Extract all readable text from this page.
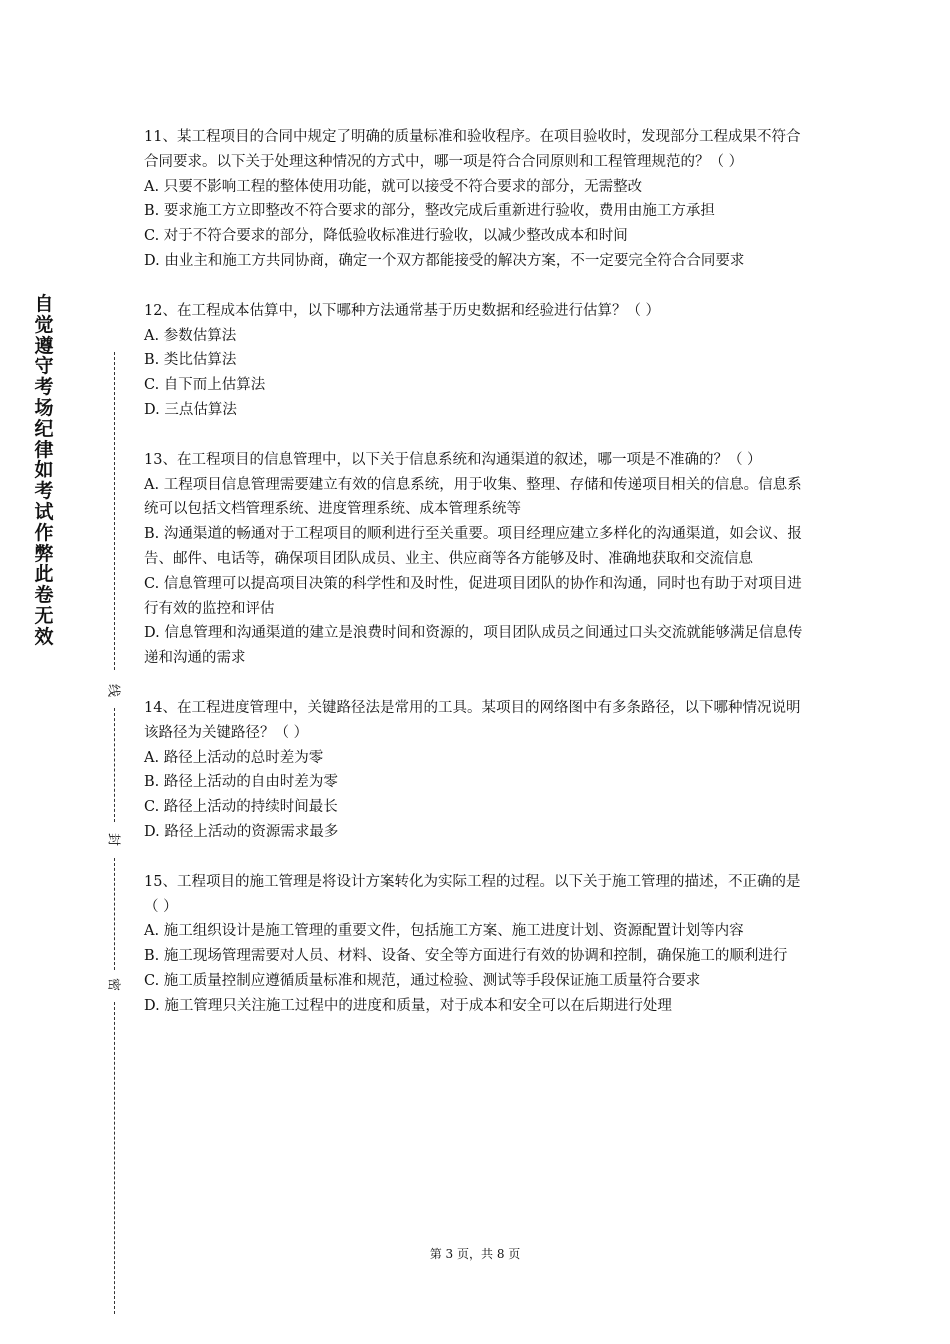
自觉遵守考场纪律如考试作弊此卷无效
线
封
密

11、某工程项目的合同中规定了明确的质量标准和验收程序。在项目验收时，发现部分工程成果不符合合同要求。以下关于处理这种情况的方式中，哪一项是符合合同原则和工程管理规范的？（ ）

A. 只要不影响工程的整体使用功能，就可以接受不符合要求的部分，无需整改

B. 要求施工方立即整改不符合要求的部分，整改完成后重新进行验收，费用由施工方承担

C. 对于不符合要求的部分，降低验收标准进行验收，以减少整改成本和时间

D. 由业主和施工方共同协商，确定一个双方都能接受的解决方案，不一定要完全符合合同要求

12、在工程成本估算中，以下哪种方法通常基于历史数据和经验进行估算？（ ）

A. 参数估算法

B. 类比估算法

C. 自下而上估算法

D. 三点估算法

13、在工程项目的信息管理中，以下关于信息系统和沟通渠道的叙述，哪一项是不准确的？（ ）

A. 工程项目信息管理需要建立有效的信息系统，用于收集、整理、存储和传递项目相关的信息。信息系统可以包括文档管理系统、进度管理系统、成本管理系统等

B. 沟通渠道的畅通对于工程项目的顺利进行至关重要。项目经理应建立多样化的沟通渠道，如会议、报告、邮件、电话等，确保项目团队成员、业主、供应商等各方能够及时、准确地获取和交流信息

C. 信息管理可以提高项目决策的科学性和及时性，促进项目团队的协作和沟通，同时也有助于对项目进行有效的监控和评估

D. 信息管理和沟通渠道的建立是浪费时间和资源的，项目团队成员之间通过口头交流就能够满足信息传递和沟通的需求

14、在工程进度管理中，关键路径法是常用的工具。某项目的网络图中有多条路径，以下哪种情况说明该路径为关键路径？（ ）

A. 路径上活动的总时差为零

B. 路径上活动的自由时差为零

C. 路径上活动的持续时间最长

D. 路径上活动的资源需求最多

15、工程项目的施工管理是将设计方案转化为实际工程的过程。以下关于施工管理的描述，不正确的是（ ）

A. 施工组织设计是施工管理的重要文件，包括施工方案、施工进度计划、资源配置计划等内容

B. 施工现场管理需要对人员、材料、设备、安全等方面进行有效的协调和控制，确保施工的顺利进行

C. 施工质量控制应遵循质量标准和规范，通过检验、测试等手段保证施工质量符合要求

D. 施工管理只关注施工过程中的进度和质量，对于成本和安全可以在后期进行处理

第 3 页，共 8 页
